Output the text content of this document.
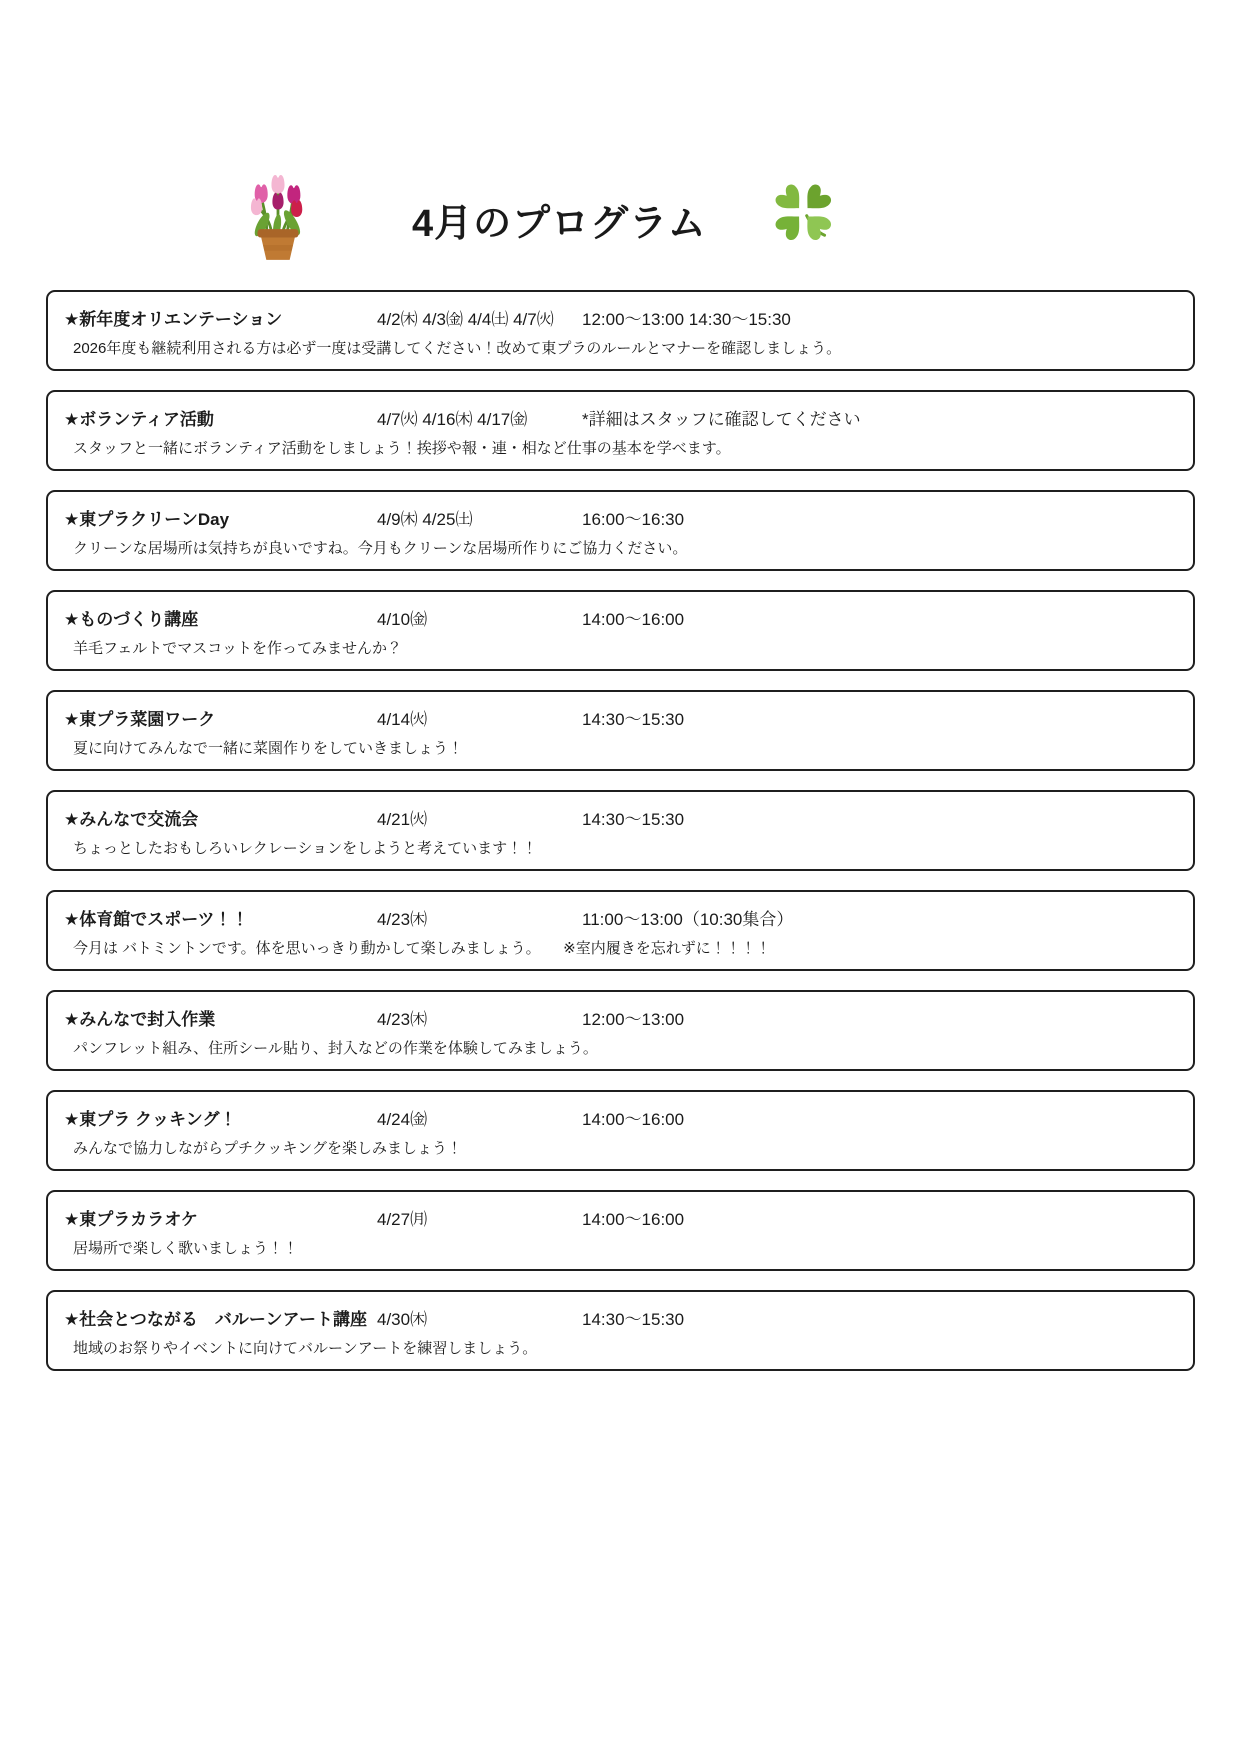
4月のプログラム
★新年度オリエンテーション	4/2㈭ 4/3㈮ 4/4㈯ 4/7㈫	12:00〜13:00 14:30〜15:30
2026年度も継続利用される方は必ず一度は受講してください！改めて東プラのルールとマナーを確認しましょう。
★ボランティア活動	4/7㈫ 4/16㈭ 4/17㈮	*詳細はスタッフに確認してください
スタッフと一緒にボランティア活動をしましょう！挨拶や報・連・相など仕事の基本を学べます。
★東プラクリーンDay	4/9㈭ 4/25㈯	16:00〜16:30
クリーンな居場所は気持ちが良いですね。今月もクリーンな居場所作りにご協力ください。
★ものづくり講座	4/10㈮	14:00〜16:00
羊毛フェルトでマスコットを作ってみませんか？
★東プラ菜園ワーク	4/14㈫	14:30〜15:30
夏に向けてみんなで一緒に菜園作りをしていきましょう！
★みんなで交流会	4/21㈫	14:30〜15:30
ちょっとしたおもしろいレクレーションをしようと考えています！！
★体育館でスポーツ！！	4/23㈭	11:00〜13:00（10:30集合）
今月は バトミントンです。体を思いっきり動かして楽しみましょう。　　※室内履きを忘れずに！！！！
★みんなで封入作業	4/23㈭	12:00〜13:00
パンフレット組み、住所シール貼り、封入などの作業を体験してみましょう。
★東プラ クッキング！	4/24㈮	14:00〜16:00
みんなで協力しながらプチクッキングを楽しみましょう！
★東プラカラオケ	4/27㈪	14:00〜16:00
居場所で楽しく歌いましょう！！
★社会とつながる　バルーンアート講座 4/30㈭	14:30〜15:30
地域のお祭りやイベントに向けてバルーンアートを練習しましょう。
